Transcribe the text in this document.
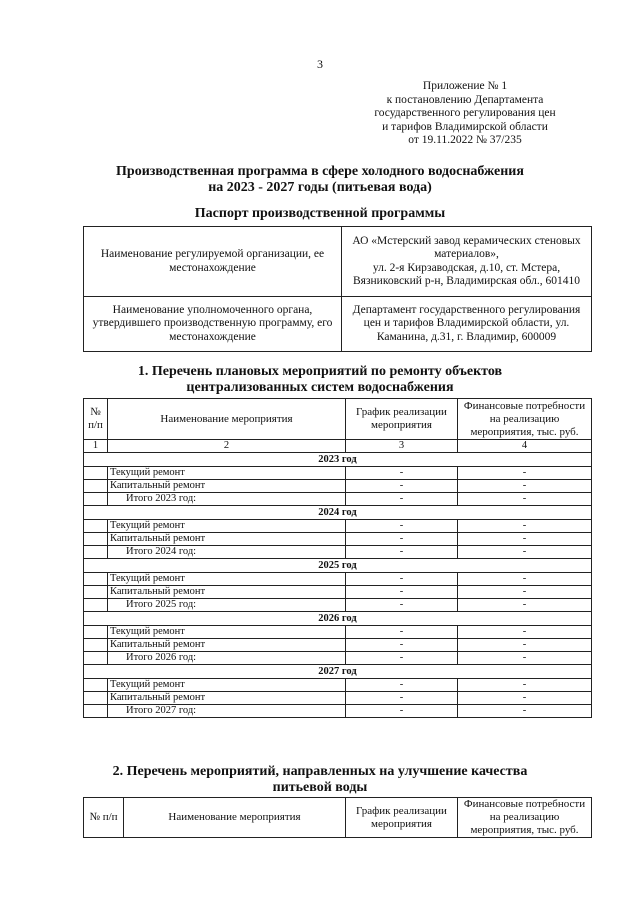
3
Приложение № 1
к постановлению Департамента
государственного регулирования цен
и тарифов Владимирской области
от 19.11.2022 № 37/235
Производственная программа в сфере холодного водоснабжения
на 2023 - 2027 годы (питьевая вода)
Паспорт производственной программы
Наименование регулируемой организации, ее местонахождение	АО «Мстерский завод керамических стеновых материалов»,
ул. 2-я Кирзаводская, д.10, ст. Мстера, Вязниковский р-н, Владимирская обл., 601410

Наименование уполномоченного органа, утвердившего производственную программу, его местонахождение	Департамент государственного регулирования цен и тарифов Владимирской области, ул. Каманина, д.31, г. Владимир, 600009
1. Перечень плановых мероприятий по ремонту объектов
централизованных систем водоснабжения
№ п/п	Наименование мероприятия	График реализации мероприятия	Финансовые потребности на реализацию мероприятия, тыс. руб.
1	2	3	4
2023 год			
	Текущий ремонт	-	-
	Капитальный ремонт	-	-
	Итого 2023 год:	-	-
2024 год			
	Текущий ремонт	-	-
	Капитальный ремонт	-	-
	Итого 2024 год:	-	-
2025 год			
	Текущий ремонт	-	-
	Капитальный ремонт	-	-
	Итого 2025 год:	-	-
2026 год			
	Текущий ремонт	-	-
	Капитальный ремонт	-	-
	Итого 2026 год:	-	-
2027 год			
	Текущий ремонт	-	-
	Капитальный ремонт	-	-
	Итого 2027 год:	-	-
2. Перечень мероприятий, направленных на улучшение качества
питьевой воды
№ п/п	Наименование мероприятия	График реализации мероприятия	Финансовые потребности на реализацию мероприятия, тыс. руб.
